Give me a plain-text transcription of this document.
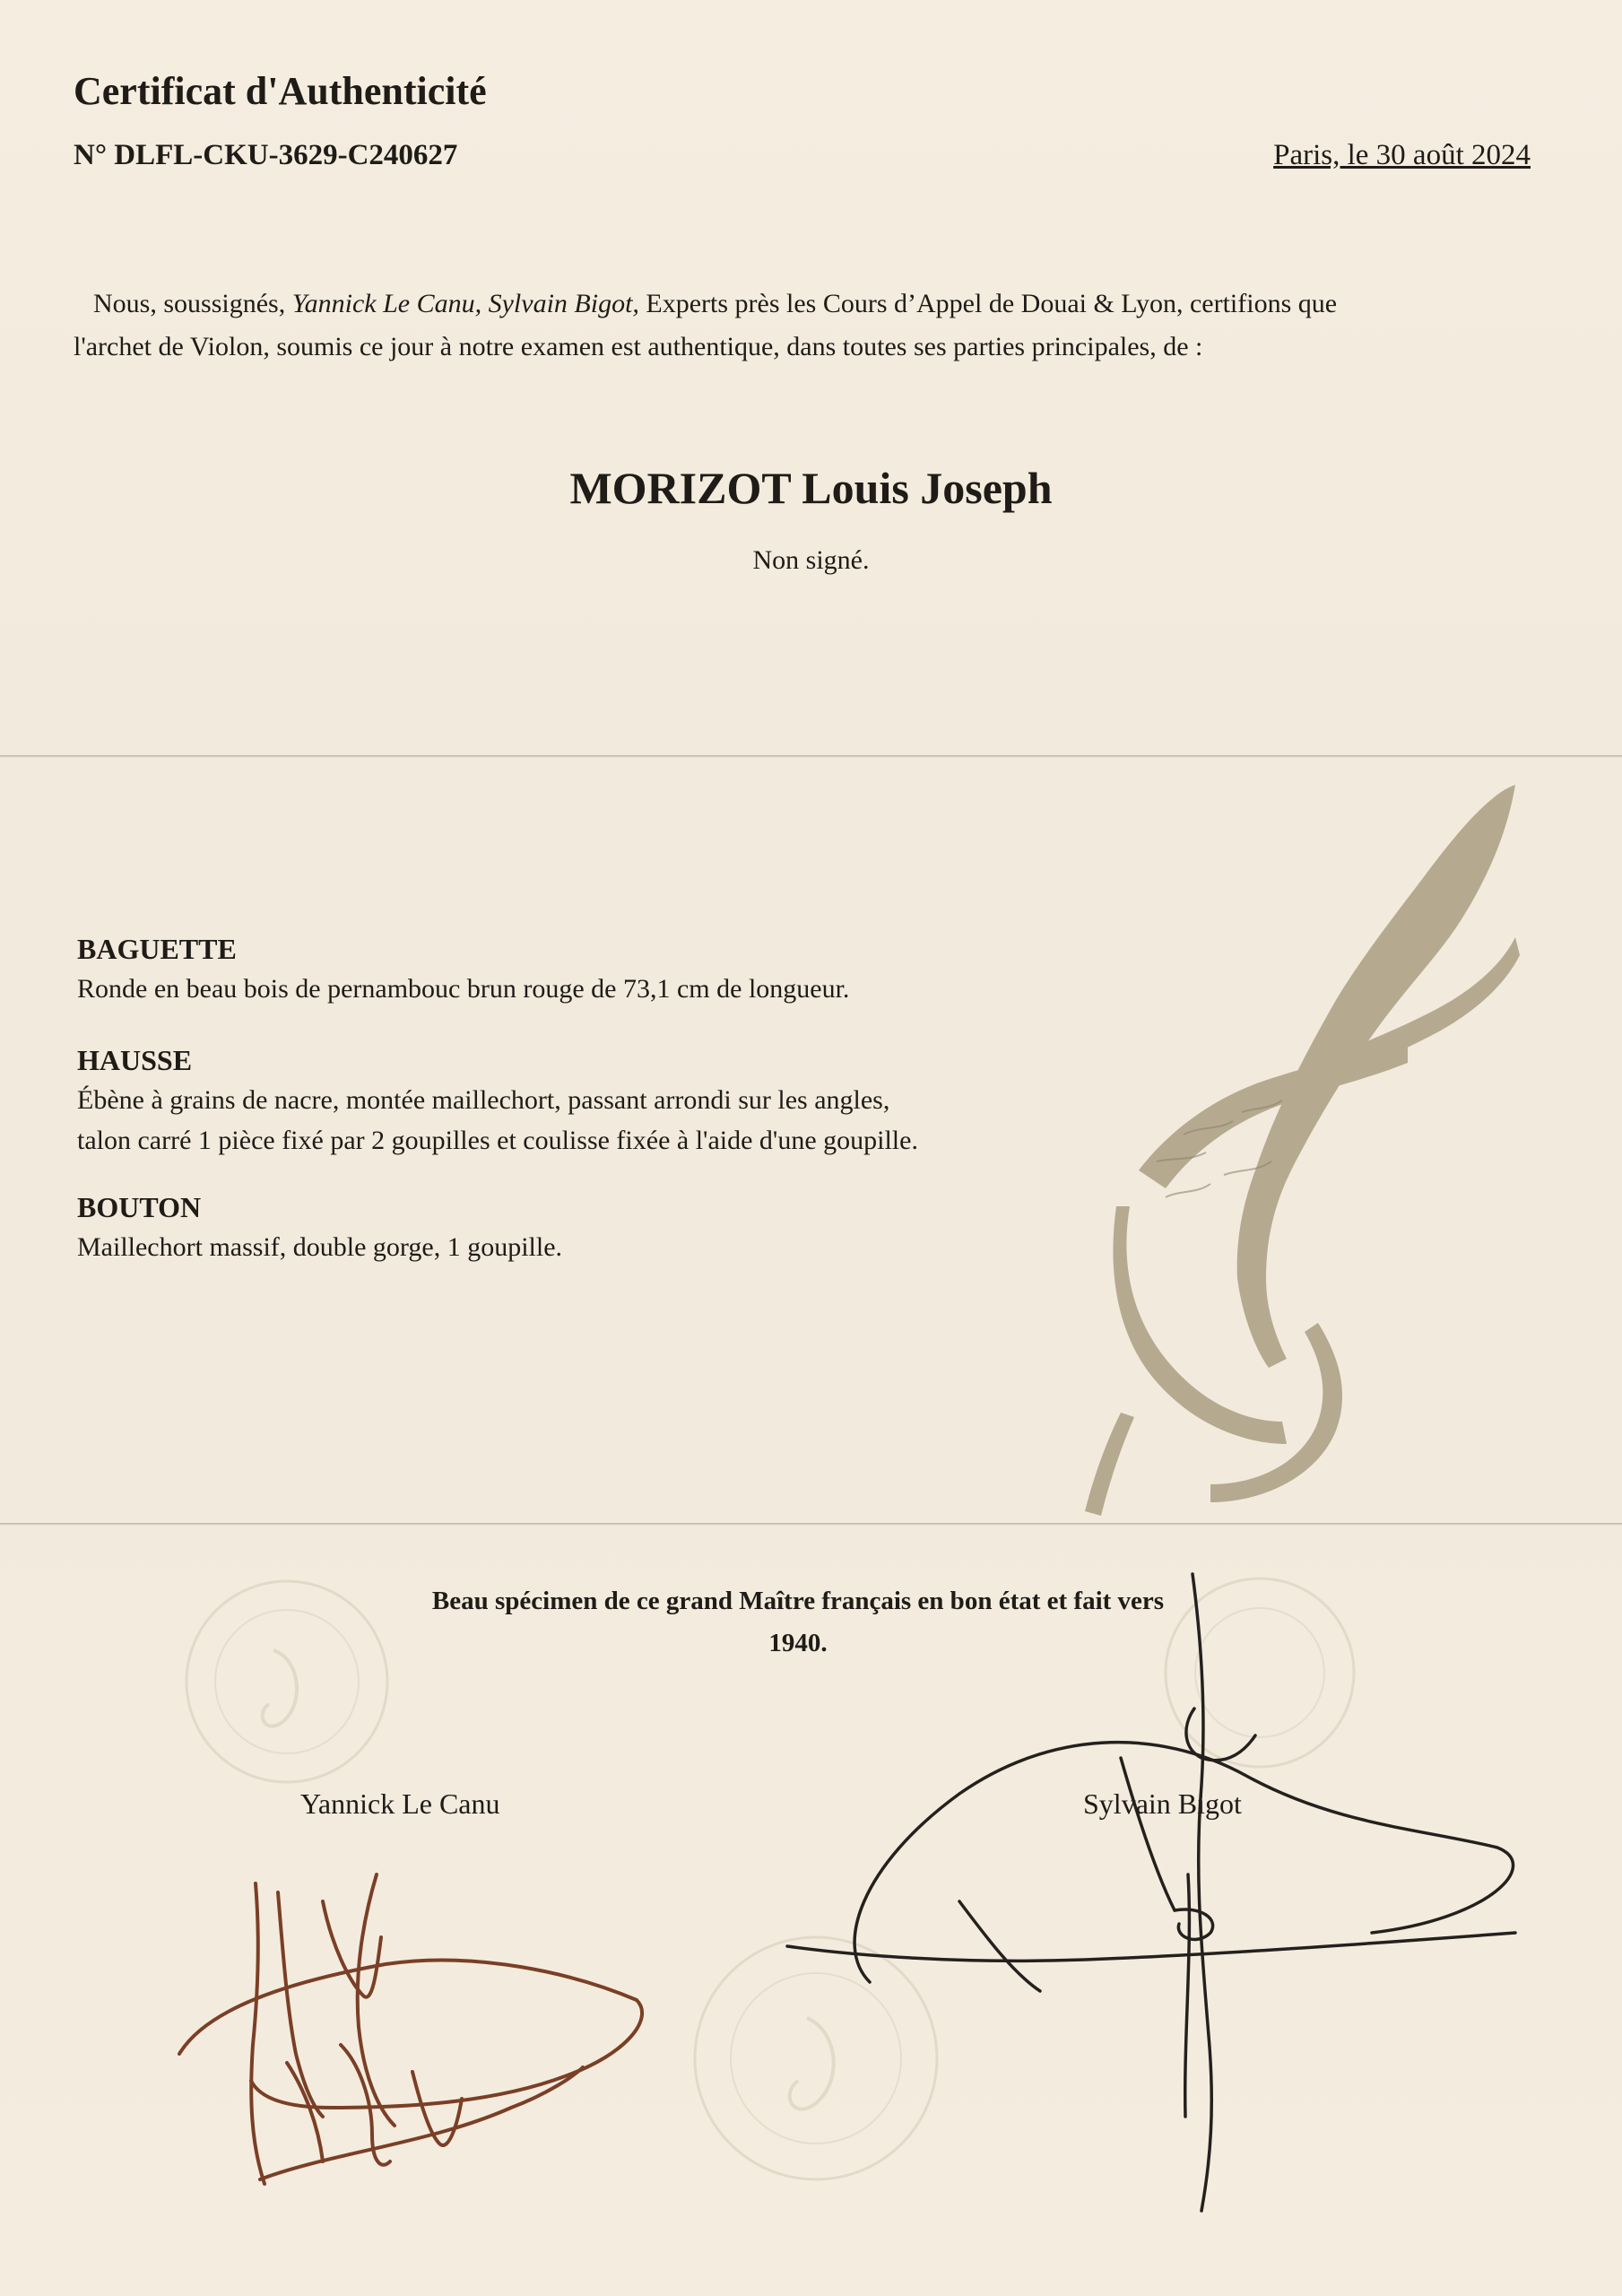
Certificat d'Authenticité
N° DLFL-CKU-3629-C240627	Paris, le 30 août 2024
Nous, soussignés, Yannick Le Canu, Sylvain Bigot, Experts près les Cours d’Appel de Douai & Lyon, certifions que
l'archet de Violon, soumis ce jour à notre examen est authentique, dans toutes ses parties principales, de :
MORIZOT Louis Joseph
Non signé.
BAGUETTE
Ronde en beau bois de pernambouc brun rouge de 73,1 cm de longueur.
HAUSSE
Ébène à grains de nacre, montée maillechort, passant arrondi sur les angles,
talon carré 1 pièce fixé par 2 goupilles et coulisse fixée à l'aide d'une goupille.
BOUTON
Maillechort massif, double gorge, 1 goupille.
Beau spécimen de ce grand Maître français en bon état et fait vers
1940.
Yannick Le Canu	Sylvain Bigot
